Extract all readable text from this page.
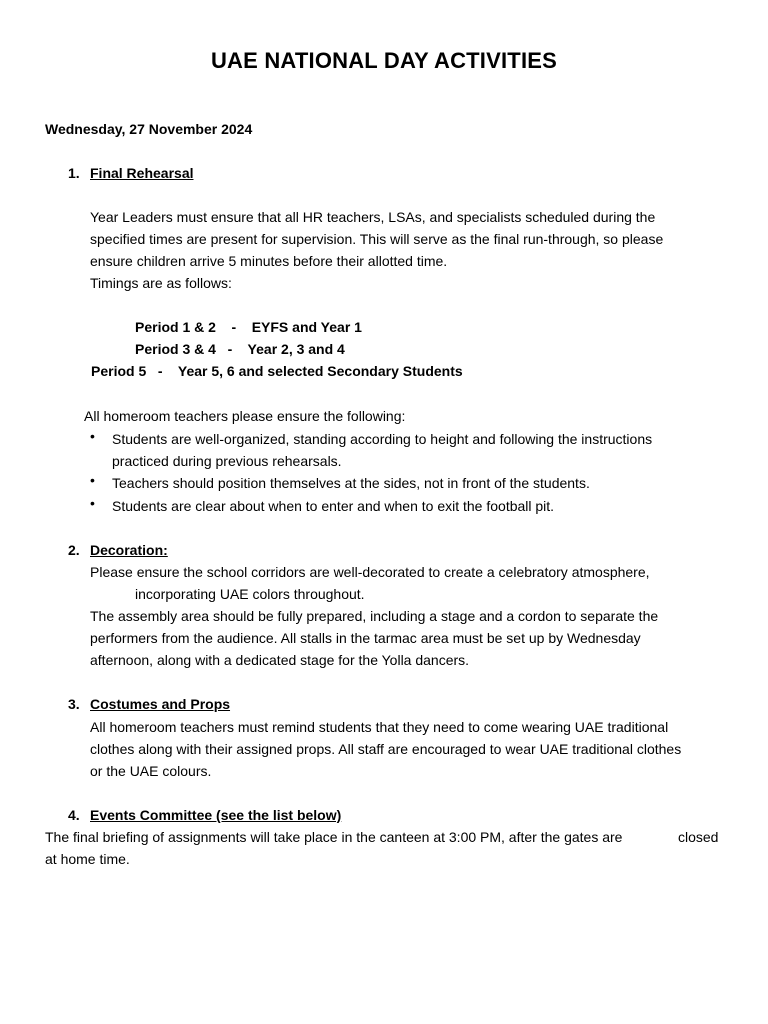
UAE NATIONAL DAY ACTIVITIES
Wednesday, 27 November 2024
1. Final Rehearsal
Year Leaders must ensure that all HR teachers, LSAs, and specialists scheduled during the
specified times are present for supervision. This will serve as the final run-through, so please
ensure children arrive 5 minutes before their allotted time.
Timings are as follows:
Period 1 & 2    -    EYFS and Year 1
Period 3 & 4   -    Year 2, 3 and 4
Period 5   -    Year 5, 6 and selected Secondary Students
All homeroom teachers please ensure the following:
• Students are well-organized, standing according to height and following the instructions
practiced during previous rehearsals.
• Teachers should position themselves at the sides, not in front of the students.
• Students are clear about when to enter and when to exit the football pit.
2. Decoration:
Please ensure the school corridors are well-decorated to create a celebratory atmosphere,
incorporating UAE colors throughout.
The assembly area should be fully prepared, including a stage and a cordon to separate the
performers from the audience. All stalls in the tarmac area must be set up by Wednesday
afternoon, along with a dedicated stage for the Yolla dancers.
3. Costumes and Props
All homeroom teachers must remind students that they need to come wearing UAE traditional
clothes along with their assigned props. All staff are encouraged to wear UAE traditional clothes
or the UAE colours.
4. Events Committee (see the list below)
The final briefing of assignments will take place in the canteen at 3:00 PM, after the gates are	closed
at home time.
